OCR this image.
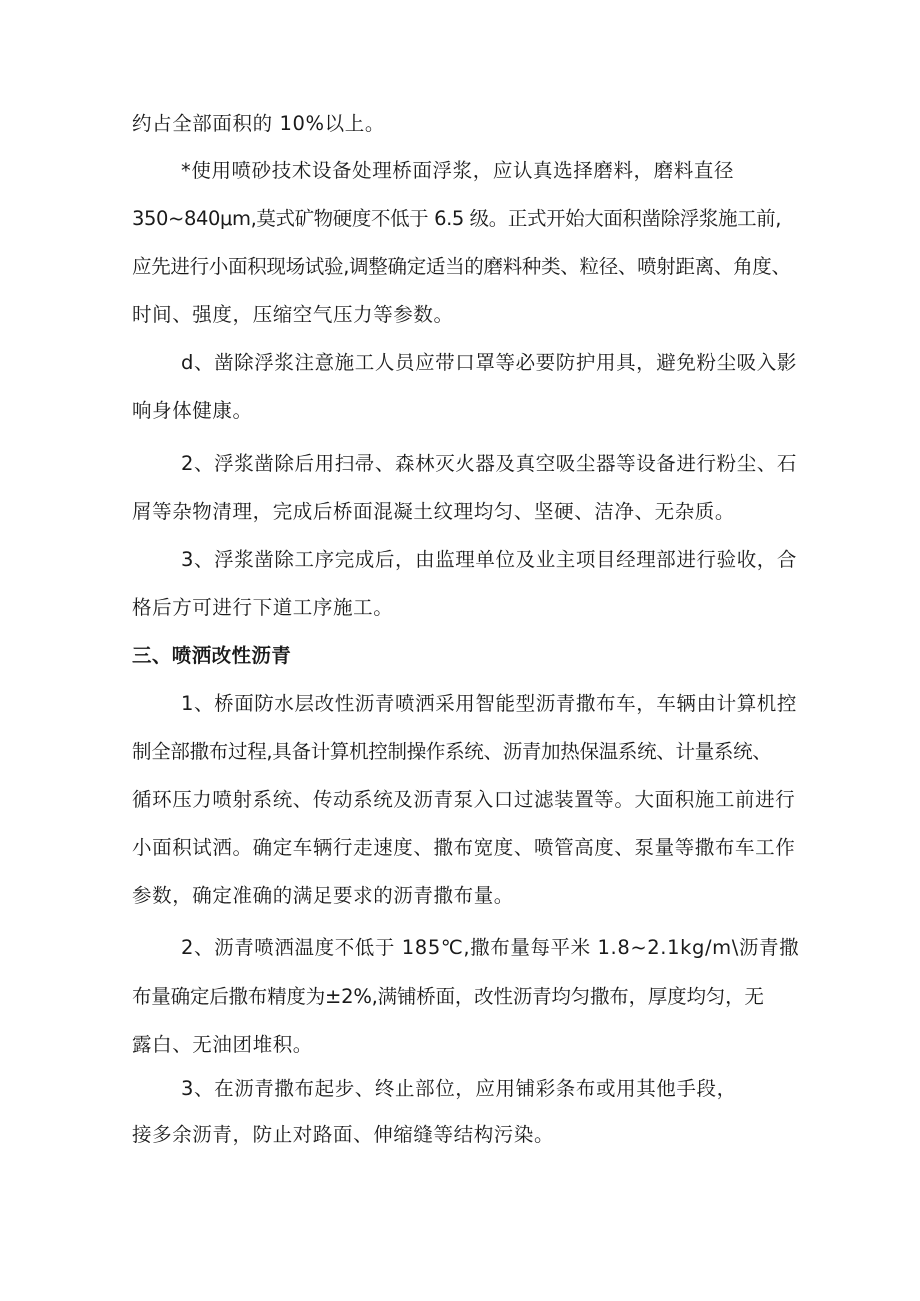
约占全部面积的 10%以上。
*使用喷砂技术设备处理桥面浮浆，应认真选择磨料，磨料直径
350~840μm,莫式矿物硬度不低于 6.5 级。正式开始大面积凿除浮浆施工前,
应先进行小面积现场试验,调整确定适当的磨料种类、粒径、喷射距离、角度、
时间、强度，压缩空气压力等参数。
d、凿除浮浆注意施工人员应带口罩等必要防护用具，避免粉尘吸入影
响身体健康。
2、浮浆凿除后用扫帚、森林灭火器及真空吸尘器等设备进行粉尘、石
屑等杂物清理，完成后桥面混凝土纹理均匀、坚硬、洁净、无杂质。
3、浮浆凿除工序完成后，由监理单位及业主项目经理部进行验收，合
格后方可进行下道工序施工。
三、喷洒改性沥青
1、桥面防水层改性沥青喷洒采用智能型沥青撒布车，车辆由计算机控
制全部撒布过程,具备计算机控制操作系统、沥青加热保温系统、计量系统、
循环压力喷射系统、传动系统及沥青泵入口过滤装置等。大面积施工前进行
小面积试洒。确定车辆行走速度、撒布宽度、喷管高度、泵量等撒布车工作
参数，确定准确的满足要求的沥青撒布量。
2、沥青喷洒温度不低于 185℃,撒布量每平米 1.8~2.1kg/m\沥青撒
布量确定后撒布精度为±2%,满铺桥面，改性沥青均匀撒布，厚度均匀，无
露白、无油团堆积。
3、在沥青撒布起步、终止部位，应用铺彩条布或用其他手段，
接多余沥青，防止对路面、伸缩缝等结构污染。
